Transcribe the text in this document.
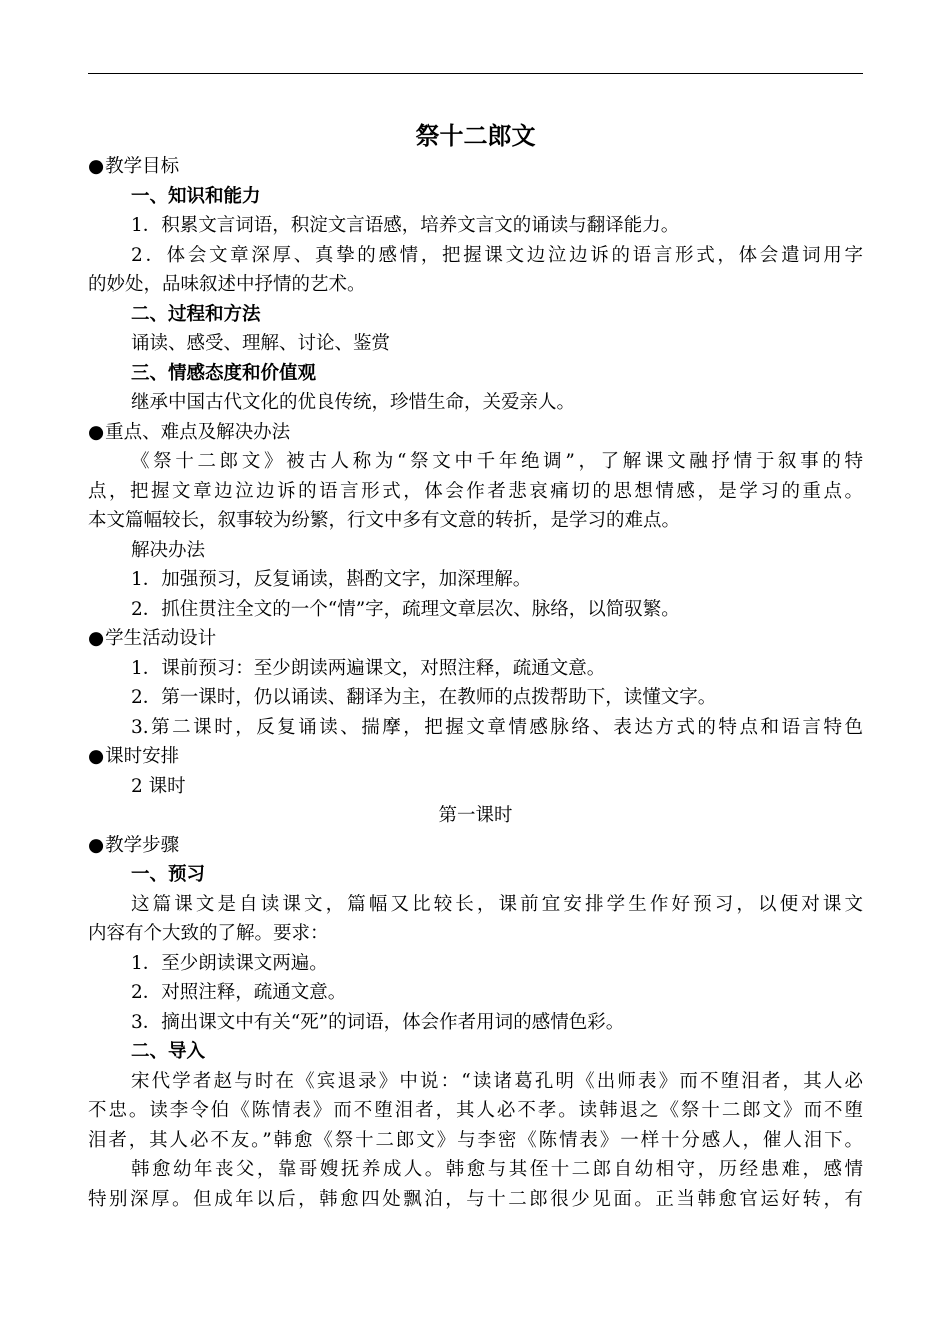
祭十二郎文
●教学目标
一、知识和能力
1．积累文言词语，积淀文言语感，培养文言文的诵读与翻译能力。
2．体会文章深厚、真挚的感情，把握课文边泣边诉的语言形式，体会遣词用字
的妙处，品味叙述中抒情的艺术。
二、过程和方法
诵读、感受、理解、讨论、鉴赏
三、情感态度和价值观
继承中国古代文化的优良传统，珍惜生命，关爱亲人。
●重点、难点及解决办法
《祭十二郎文》被古人称为“祭文中千年绝调”，了解课文融抒情于叙事的特
点，把握文章边泣边诉的语言形式，体会作者悲哀痛切的思想情感，是学习的重点。
本文篇幅较长，叙事较为纷繁，行文中多有文意的转折，是学习的难点。
解决办法
1．加强预习，反复诵读，斟酌文字，加深理解。
2．抓住贯注全文的一个“情”字，疏理文章层次、脉络，以简驭繁。
●学生活动设计
1．课前预习：至少朗读两遍课文，对照注释，疏通文意。
2．第一课时，仍以诵读、翻译为主，在教师的点拨帮助下，读懂文字。
3.第二课时，反复诵读、揣摩，把握文章情感脉络、表达方式的特点和语言特色
●课时安排
2 课时
第一课时
●教学步骤
一、预习
这篇课文是自读课文，篇幅又比较长，课前宜安排学生作好预习，以便对课文
内容有个大致的了解。要求：
1．至少朗读课文两遍。
2．对照注释，疏通文意。
3．摘出课文中有关“死”的词语，体会作者用词的感情色彩。
二、导入
宋代学者赵与时在《宾退录》中说：“读诸葛孔明《出师表》而不堕泪者，其人必
不忠。读李令伯《陈情表》而不堕泪者，其人必不孝。读韩退之《祭十二郎文》而不堕
泪者，其人必不友。”韩愈《祭十二郎文》与李密《陈情表》一样十分感人，催人泪下。
韩愈幼年丧父，靠哥嫂抚养成人。韩愈与其侄十二郎自幼相守，历经患难，感情
特别深厚。但成年以后，韩愈四处飘泊，与十二郎很少见面。正当韩愈官运好转，有
